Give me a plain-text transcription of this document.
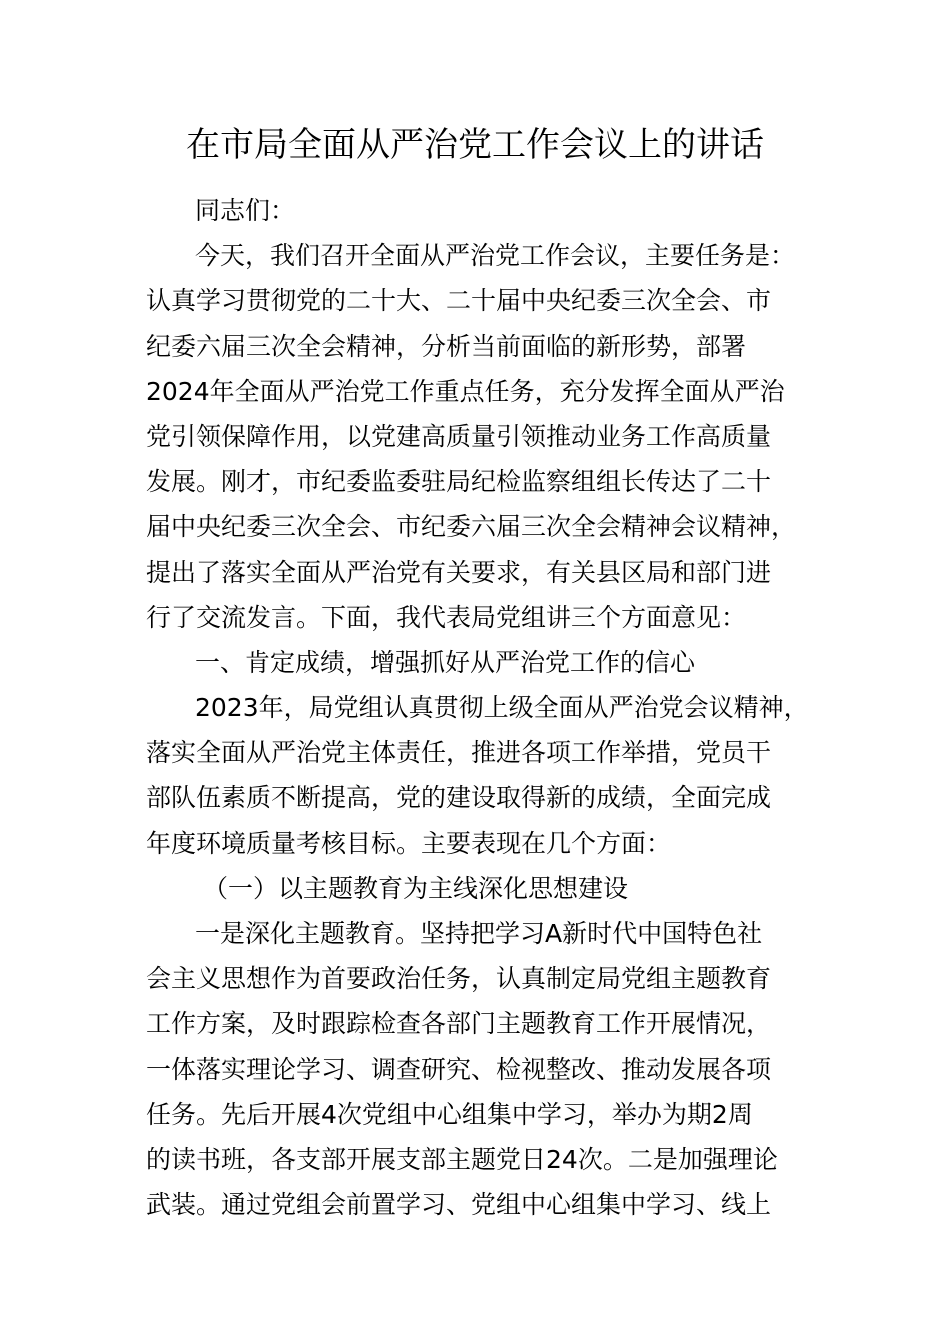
在市局全面从严治党工作会议上的讲话
同志们：
今天，我们召开全面从严治党工作会议，主要任务是：
认真学习贯彻党的二十大、二十届中央纪委三次全会、市
纪委六届三次全会精神，分析当前面临的新形势，部署
2024年全面从严治党工作重点任务，充分发挥全面从严治
党引领保障作用，以党建高质量引领推动业务工作高质量
发展。刚才，市纪委监委驻局纪检监察组组长传达了二十
届中央纪委三次全会、市纪委六届三次全会精神会议精神，
提出了落实全面从严治党有关要求，有关县区局和部门进
行了交流发言。下面，我代表局党组讲三个方面意见：
一、肯定成绩，增强抓好从严治党工作的信心
2023年，局党组认真贯彻上级全面从严治党会议精神，
落实全面从严治党主体责任，推进各项工作举措，党员干
部队伍素质不断提高，党的建设取得新的成绩，全面完成
年度环境质量考核目标。主要表现在几个方面：
（一）以主题教育为主线深化思想建设
一是深化主题教育。坚持把学习A新时代中国特色社
会主义思想作为首要政治任务，认真制定局党组主题教育
工作方案，及时跟踪检查各部门主题教育工作开展情况，
一体落实理论学习、调查研究、检视整改、推动发展各项
任务。先后开展4次党组中心组集中学习，举办为期2周
的读书班，各支部开展支部主题党日24次。二是加强理论
武装。通过党组会前置学习、党组中心组集中学习、线上
